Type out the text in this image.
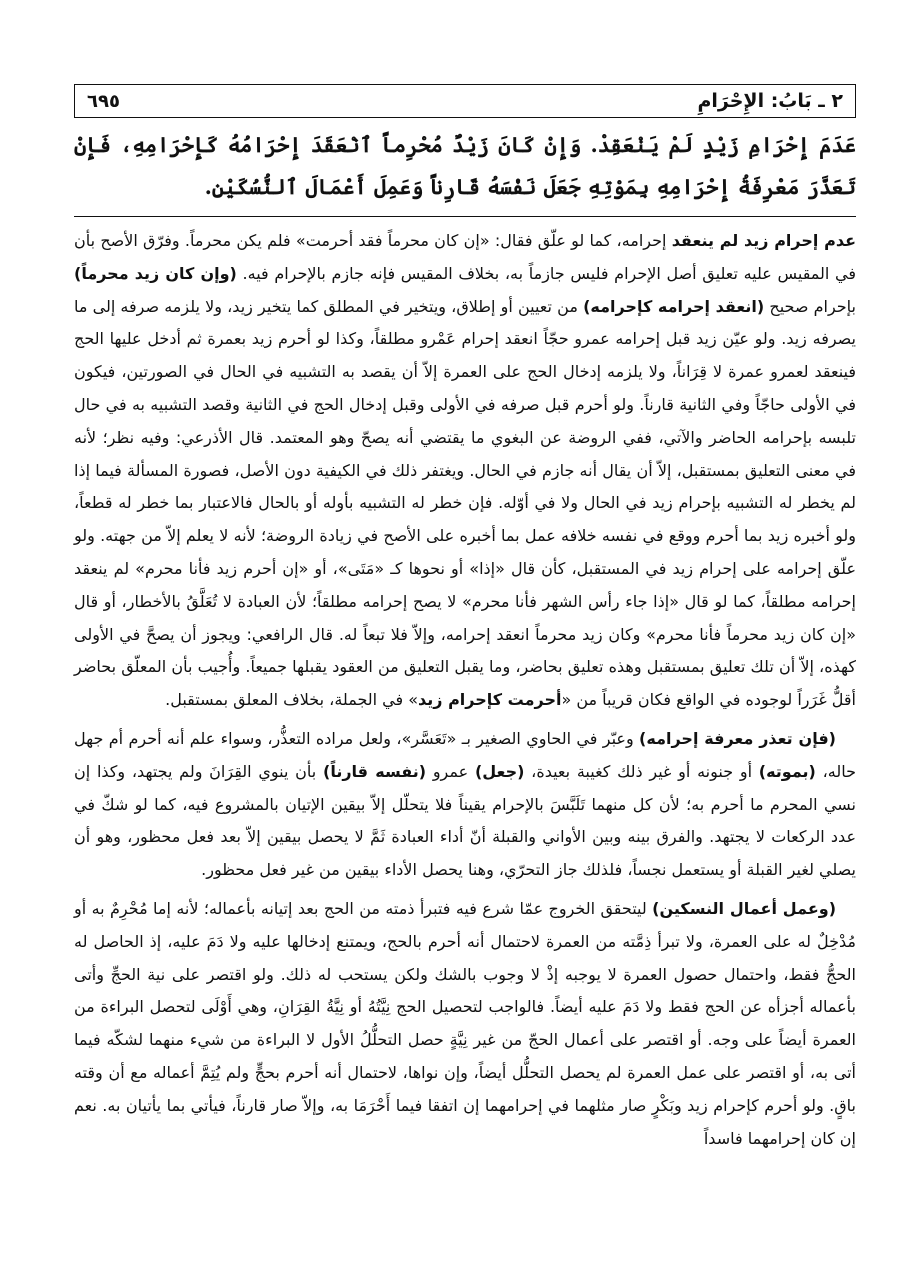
٢ ـ بَابُ: الإِحْرَامِ
٦٩٥
عَدَمَ إِحْرَامِ زَيْدٍ لَمْ يَنْعَقِدْ. وَإِنْ كَانَ زَيْدٌ مُحْرِماً ٱنْعَقَدَ إِحْرَامُهُ كَإِحْرَامِهِ، فَإِنْ تَعَذَّرَ مَعْرِفَةُ إِحْرَامِهِ بِمَوْتِهِ جَعَلَ نَفْسَهُ قَارِناً وَعَمِلَ أَعْمَالَ ٱلنُّسُكَيْنِ.

عدم إحرام زيد لم ينعقد إحرامه، كما لو علّق فقال: «إن كان محرماً فقد أحرمت» فلم يكن محرماً. وفرّق الأصح بأن في المقيس عليه تعليق أصل الإحرام فليس جازماً به، بخلاف المقيس فإنه جازم بالإحرام فيه. (وإن كان زيد محرماً) بإحرام صحيح (انعقد إحرامه كإحرامه) من تعيين أو إطلاق، ويتخير في المطلق كما يتخير زيد، ولا يلزمه صرفه إلى ما يصرفه زيد. ولو عيّن زيد قبل إحرامه عمرو حجّاً انعقد إحرام عَمْرو مطلقاً، وكذا لو أحرم زيد بعمرة ثم أدخل عليها الحج فينعقد لعمرو عمرة لا قِرَاناً، ولا يلزمه إدخال الحج على العمرة إلاّ أن يقصد به التشبيه في الحال في الصورتين، فيكون في الأولى حاجّاً وفي الثانية قارناً. ولو أحرم قبل صرفه في الأولى وقبل إدخال الحج في الثانية وقصد التشبيه به في حال تلبسه بإحرامه الحاضر والآتي، ففي الروضة عن البغوي ما يقتضي أنه يصحّ وهو المعتمد. قال الأذرعي: وفيه نظر؛ لأنه في معنى التعليق بمستقبل، إلاّ أن يقال أنه جازم في الحال. ويغتفر ذلك في الكيفية دون الأصل، فصورة المسألة فيما إذا لم يخطر له التشبيه بإحرام زيد في الحال ولا في أوّله. فإن خطر له التشبيه بأوله أو بالحال فالاعتبار بما خطر له قطعاً، ولو أخبره زيد بما أحرم ووقع في نفسه خلافه عمل بما أخبره على الأصح في زيادة الروضة؛ لأنه لا يعلم إلاّ من جهته. ولو علّق إحرامه على إحرام زيد في المستقبل، كأن قال «إذا» أو نحوها كـ «مَتَى»، أو «إن أحرم زيد فأنا محرم» لم ينعقد إحرامه مطلقاً، كما لو قال «إذا جاء رأس الشهر فأنا محرم» لا يصح إحرامه مطلقاً؛ لأن العبادة لا تُعَلَّقُ بالأخطار، أو قال «إن كان زيد محرماً فأنا محرم» وكان زيد محرماً انعقد إحرامه، وإلاّ فلا تبعاً له. قال الرافعي: ويجوز أن يصحَّ في الأولى كهذه، إلاّ أن تلك تعليق بمستقبل وهذه تعليق بحاضر، وما يقبل التعليق من العقود يقبلها جميعاً. وأُجيب بأن المعلّق بحاضر أقلُّ غَرَراً لوجوده في الواقع فكان قريباً من «أحرمت كإحرام زيد» في الجملة، بخلاف المعلق بمستقبل.

(فإن تعذر معرفة إحرامه) وعبّر في الحاوي الصغير بـ «تَعَسَّر»، ولعل مراده التعذُّر، وسواء علم أنه أحرم أم جهل حاله، (بموته) أو جنونه أو غير ذلك كغيبة بعيدة، (جعل) عمرو (نفسه قارناً) بأن ينوي القِرَانَ ولم يجتهد، وكذا إن نسي المحرم ما أحرم به؛ لأن كل منهما تَلَبَّسَ بالإحرام يقيناً فلا يتحلّل إلاّ بيقين الإتيان بالمشروع فيه، كما لو شكّ في عدد الركعات لا يجتهد. والفرق بينه وبين الأواني والقبلة أنّ أداء العبادة ثَمَّ لا يحصل بيقين إلاّ بعد فعل محظور، وهو أن يصلي لغير القبلة أو يستعمل نجساً، فلذلك جاز التحرّي، وهنا يحصل الأداء بيقين من غير فعل محظور.

(وعمل أعمال النسكين) ليتحقق الخروج عمّا شرع فيه فتبرأ ذمته من الحج بعد إتيانه بأعماله؛ لأنه إما مُحْرِمٌ به أو مُدْخِلٌ له على العمرة، ولا تبرأ ذِمَّته من العمرة لاحتمال أنه أحرم بالحج، ويمتنع إدخالها عليه ولا دَمَ عليه، إذ الحاصل له الحجُّ فقط، واحتمال حصول العمرة لا يوجبه إذْ لا وجوب بالشك ولكن يستحب له ذلك. ولو اقتصر على نية الحجِّ وأتى بأعماله أجزأه عن الحج فقط ولا دَمَ عليه أيضاً. فالواجب لتحصيل الحج نِيَّتُهُ أو نِيَّةُ القِرَانِ، وهي أَوْلَى لتحصل البراءة من العمرة أيضاً على وجه. أو اقتصر على أعمال الحجّ من غير نِيَّةٍ حصل التحلُّلُ الأول لا البراءة من شيء منهما لشكّه فيما أتى به، أو اقتصر على عمل العمرة لم يحصل التحلُّل أيضاً، وإن نواها، لاحتمال أنه أحرم بحجٍّ ولم يُتِمَّ أعماله مع أن وقته باقٍ. ولو أحرم كإحرام زيد وبَكْرٍ صار مثلهما في إحرامهما إن اتفقا فيما أَحْرَمَا به، وإلاّ صار قارناً، فيأتي بما يأتيان به. نعم إن كان إحرامهما فاسداً
